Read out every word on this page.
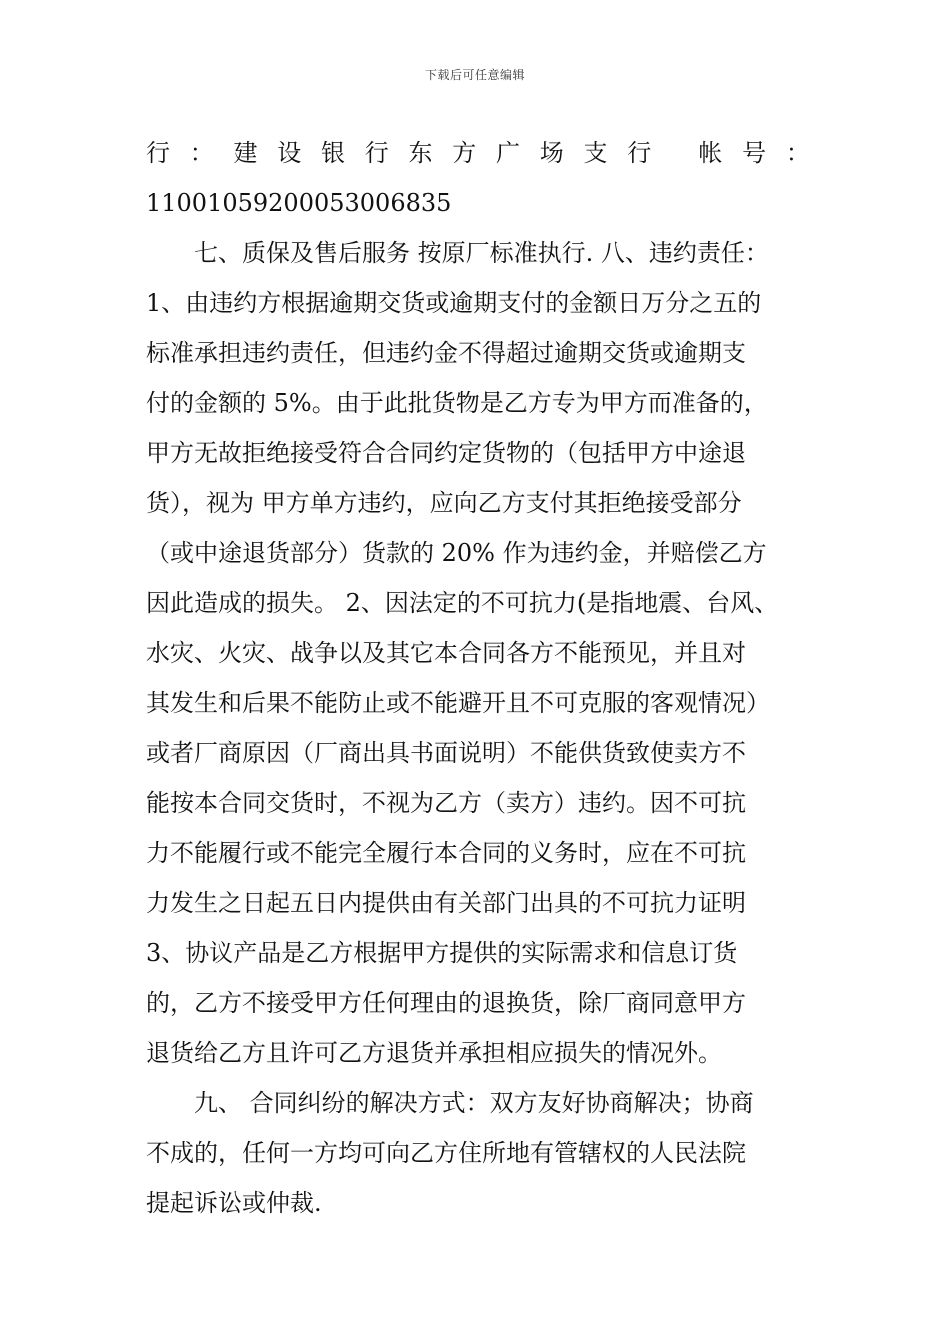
下载后可任意编辑
行 ： 建 设 银 行 东 方 广 场 支 行
帐 号 ：
11001059200053006835
七、质保及售后服务 按原厂标准执行. 八、违约责任：
1、由违约方根据逾期交货或逾期支付的金额日万分之五的
标准承担违约责任，但违约金不得超过逾期交货或逾期支
付的金额的 5%。由于此批货物是乙方专为甲方而准备的，
甲方无故拒绝接受符合合同约定货物的（包括甲方中途退
货），视为 甲方单方违约，应向乙方支付其拒绝接受部分
（或中途退货部分）货款的 20% 作为违约金，并赔偿乙方
因此造成的损失。 2、因法定的不可抗力(是指地震、台风、
水灾、火灾、战争以及其它本合同各方不能预见，并且对
其发生和后果不能防止或不能避开且不可克服的客观情况）
或者厂商原因（厂商出具书面说明）不能供货致使卖方不
能按本合同交货时，不视为乙方（卖方）违约。因不可抗
力不能履行或不能完全履行本合同的义务时，应在不可抗
力发生之日起五日内提供由有关部门出具的不可抗力证明
3、协议产品是乙方根据甲方提供的实际需求和信息订货
的，乙方不接受甲方任何理由的退换货，除厂商同意甲方
退货给乙方且许可乙方退货并承担相应损失的情况外。
九、 合同纠纷的解决方式：双方友好协商解决；协商
不成的，任何一方均可向乙方住所地有管辖权的人民法院
提起诉讼或仲裁.
